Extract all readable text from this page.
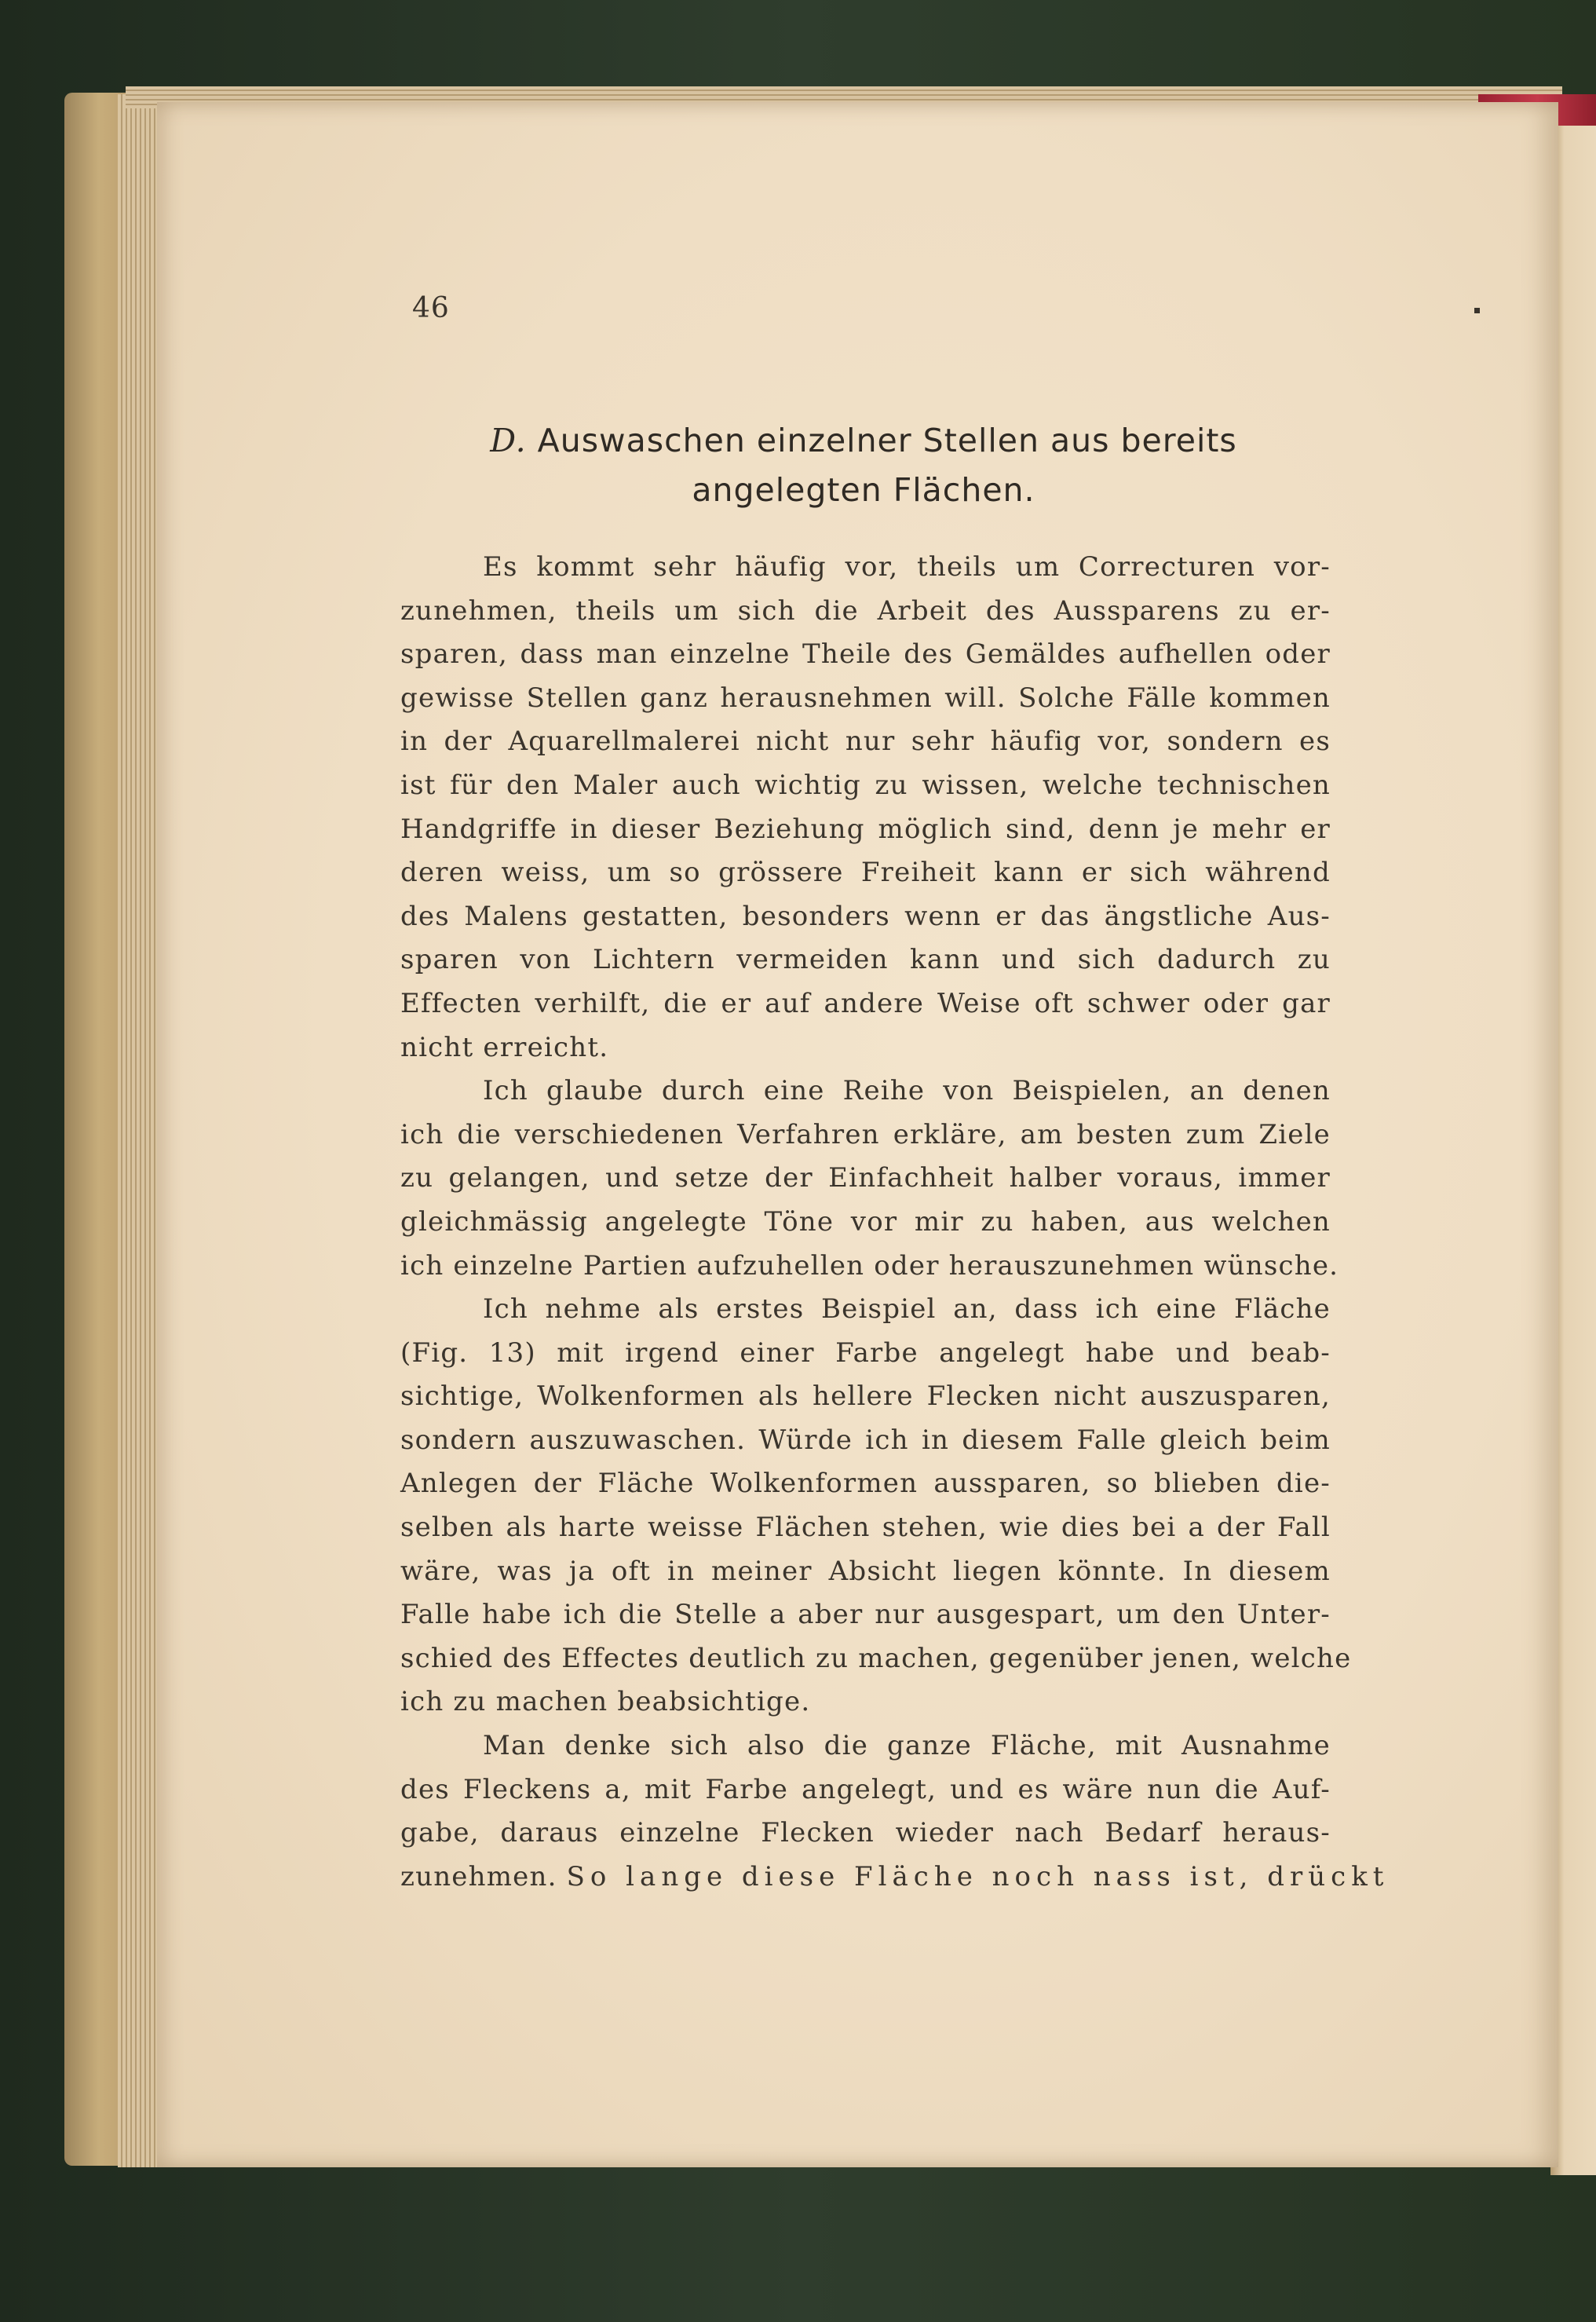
46
D. Auswaschen einzelner Stellen aus bereits
angelegten Flächen.
Es kommt sehr häufig vor, theils um Correcturen vor-
zunehmen, theils um sich die Arbeit des Aussparens zu er-
sparen, dass man einzelne Theile des Gemäldes aufhellen oder
gewisse Stellen ganz herausnehmen will. Solche Fälle kommen
in der Aquarellmalerei nicht nur sehr häufig vor, sondern es
ist für den Maler auch wichtig zu wissen, welche technischen
Handgriffe in dieser Beziehung möglich sind, denn je mehr er
deren weiss, um so grössere Freiheit kann er sich während
des Malens gestatten, besonders wenn er das ängstliche Aus-
sparen von Lichtern vermeiden kann und sich dadurch zu
Effecten verhilft, die er auf andere Weise oft schwer oder gar
nicht erreicht.
Ich glaube durch eine Reihe von Beispielen, an denen
ich die verschiedenen Verfahren erkläre, am besten zum Ziele
zu gelangen, und setze der Einfachheit halber voraus, immer
gleichmässig angelegte Töne vor mir zu haben, aus welchen
ich einzelne Partien aufzuhellen oder herauszunehmen wünsche.
Ich nehme als erstes Beispiel an, dass ich eine Fläche
(Fig. 13) mit irgend einer Farbe angelegt habe und beab-
sichtige, Wolkenformen als hellere Flecken nicht auszusparen,
sondern auszuwaschen. Würde ich in diesem Falle gleich beim
Anlegen der Fläche Wolkenformen aussparen, so blieben die-
selben als harte weisse Flächen stehen, wie dies bei a der Fall
wäre, was ja oft in meiner Absicht liegen könnte. In diesem
Falle habe ich die Stelle a aber nur ausgespart, um den Unter-
schied des Effectes deutlich zu machen, gegenüber jenen, welche
ich zu machen beabsichtige.
Man denke sich also die ganze Fläche, mit Ausnahme
des Fleckens a, mit Farbe angelegt, und es wäre nun die Auf-
gabe, daraus einzelne Flecken wieder nach Bedarf heraus-
zunehmen. So lange diese Fläche noch nass ist, drückt
